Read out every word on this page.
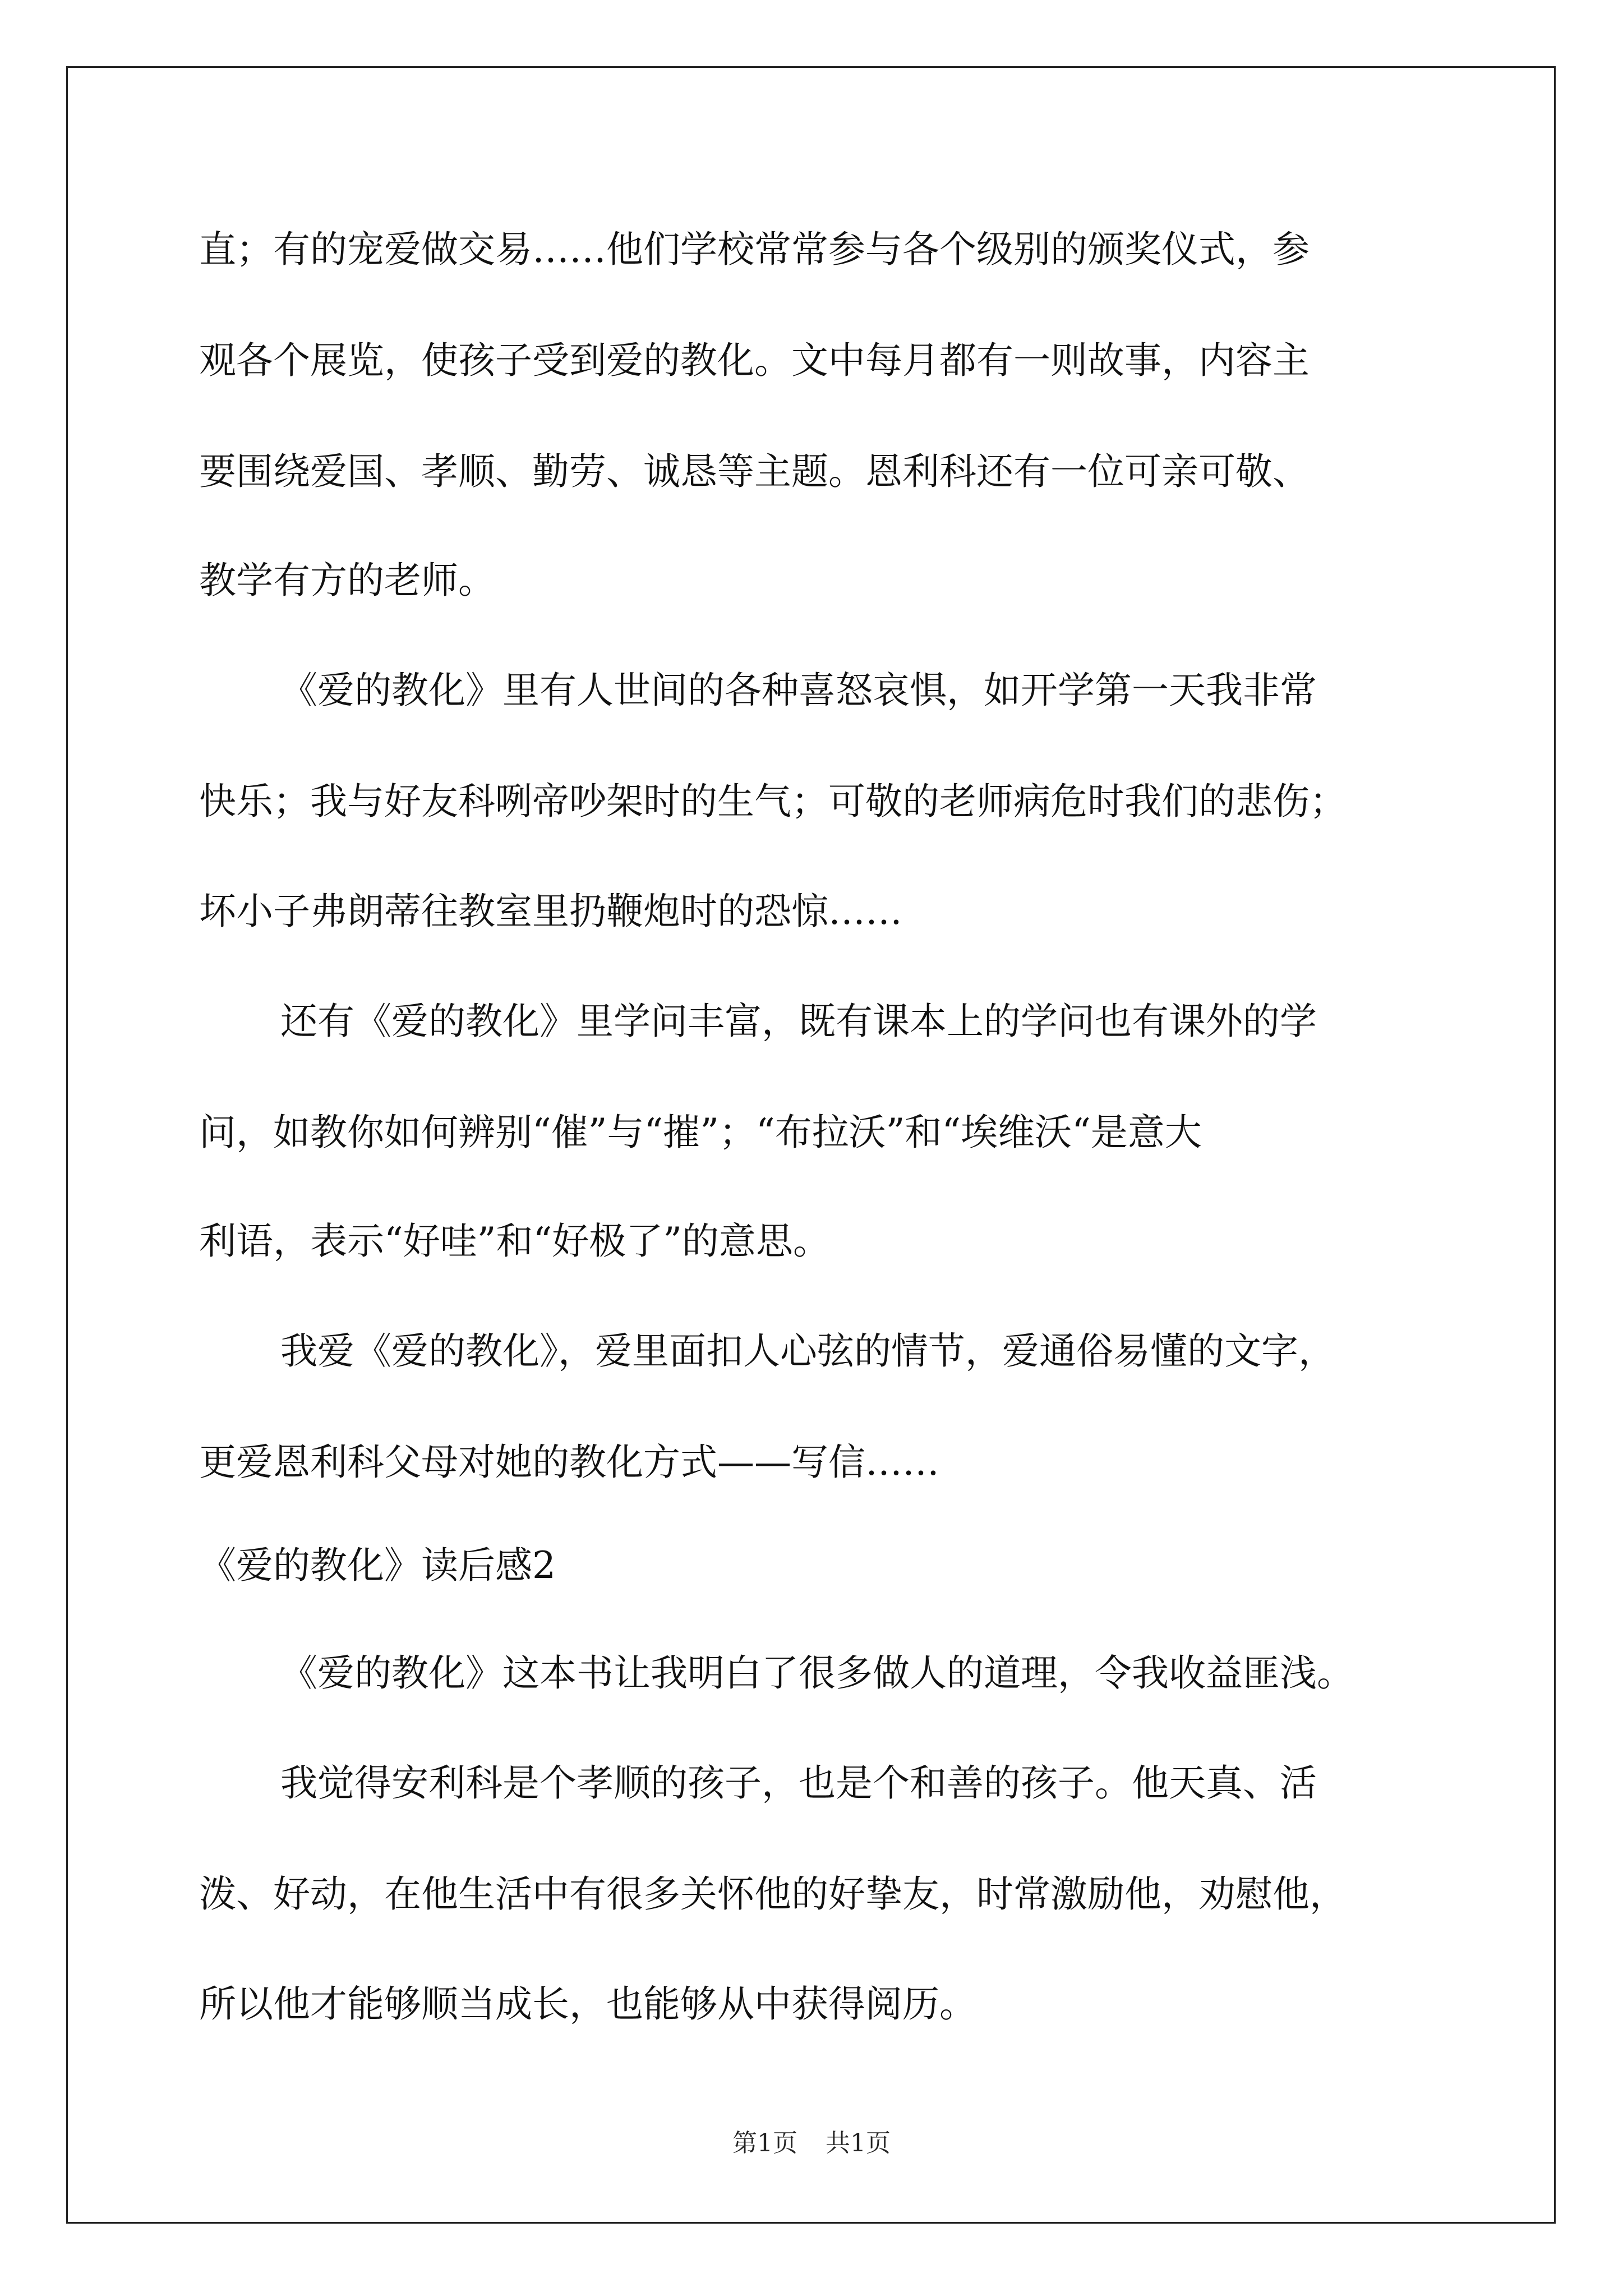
直；有的宠爱做交易……他们学校常常参与各个级别的颁奖仪式，参
观各个展览，使孩子受到爱的教化。文中每月都有一则故事，内容主
要围绕爱国、孝顺、勤劳、诚恳等主题。恩利科还有一位可亲可敬、
教学有方的老师。
《爱的教化》里有人世间的各种喜怒哀惧，如开学第一天我非常
快乐；我与好友科咧帝吵架时的生气；可敬的老师病危时我们的悲伤；
坏小子弗朗蒂往教室里扔鞭炮时的恐惊……
还有《爱的教化》里学问丰富，既有课本上的学问也有课外的学
问，如教你如何辨别“催”与“摧”；“布拉沃”和“埃维沃“是意大
利语，表示“好哇”和“好极了”的意思。
我爱《爱的教化》，爱里面扣人心弦的情节，爱通俗易懂的文字，
更爱恩利科父母对她的教化方式——写信……
《爱的教化》读后感2
《爱的教化》这本书让我明白了很多做人的道理，令我收益匪浅。
我觉得安利科是个孝顺的孩子，也是个和善的孩子。他天真、活
泼、好动，在他生活中有很多关怀他的好挚友，时常激励他，劝慰他，
所以他才能够顺当成长，也能够从中获得阅历。
第1页 共1页
